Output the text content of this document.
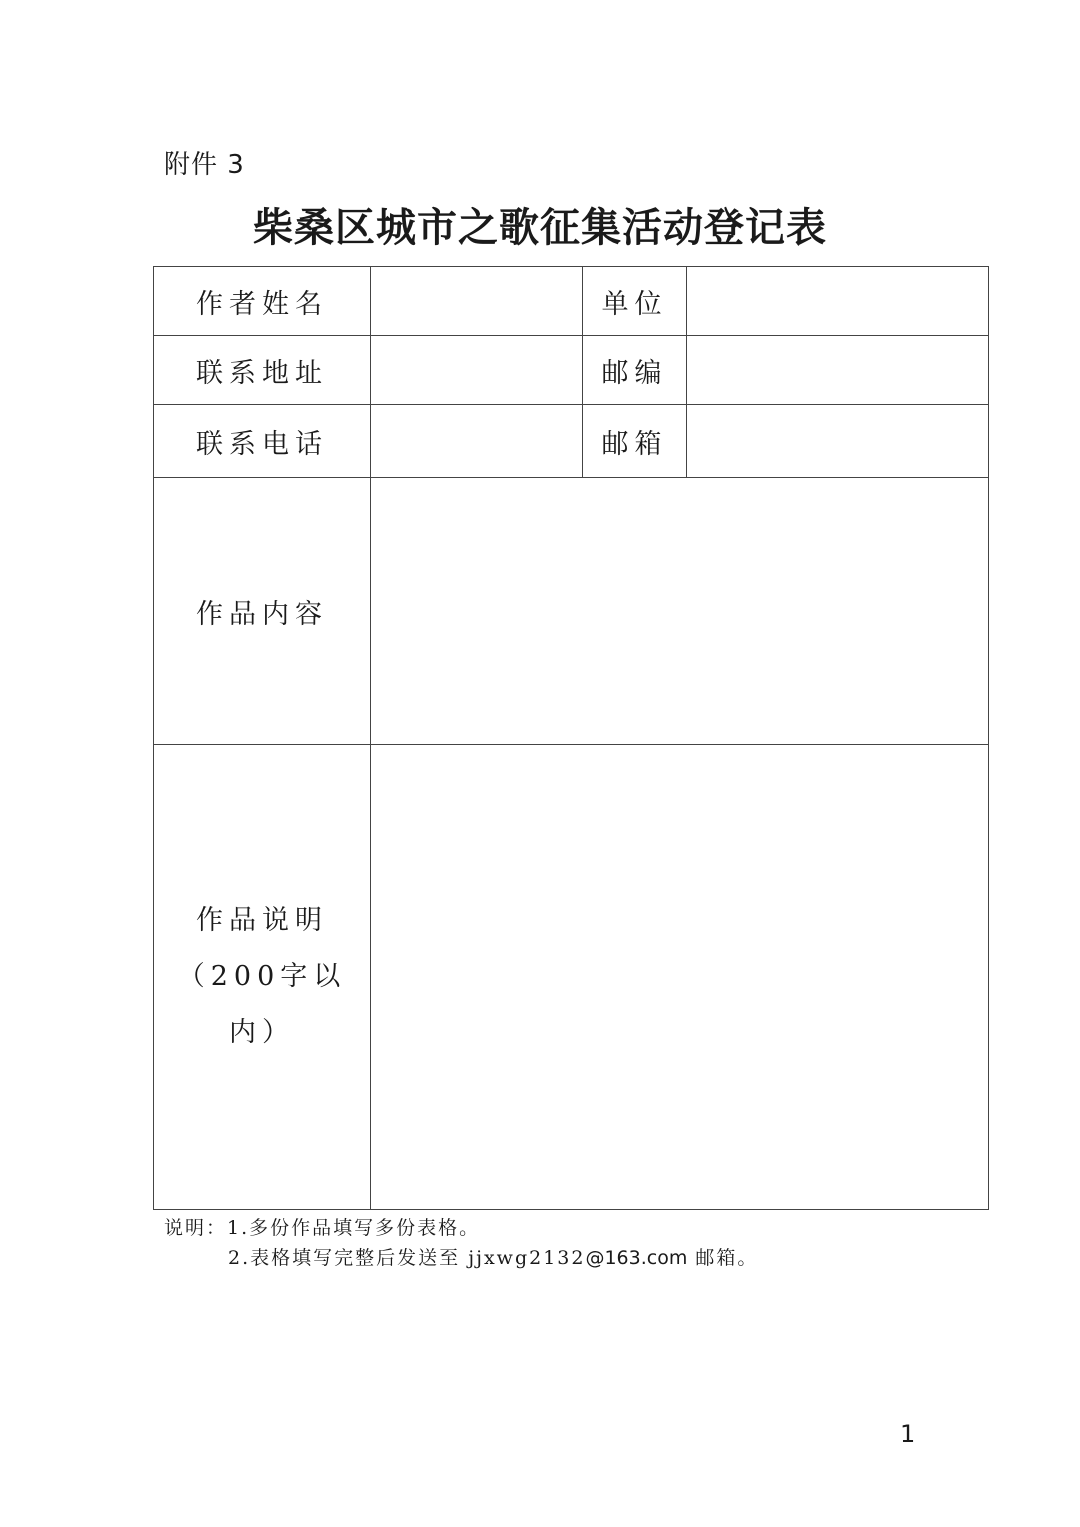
附件 3
柴桑区城市之歌征集活动登记表
作者姓名		单位	
联系地址		邮编	
联系电话		邮箱	
作品内容			

作品说明
（200字以内）			

说明：1.多份作品填写多份表格。
2.表格填写完整后发送至 jjxwg2132@163.com 邮箱。
1
